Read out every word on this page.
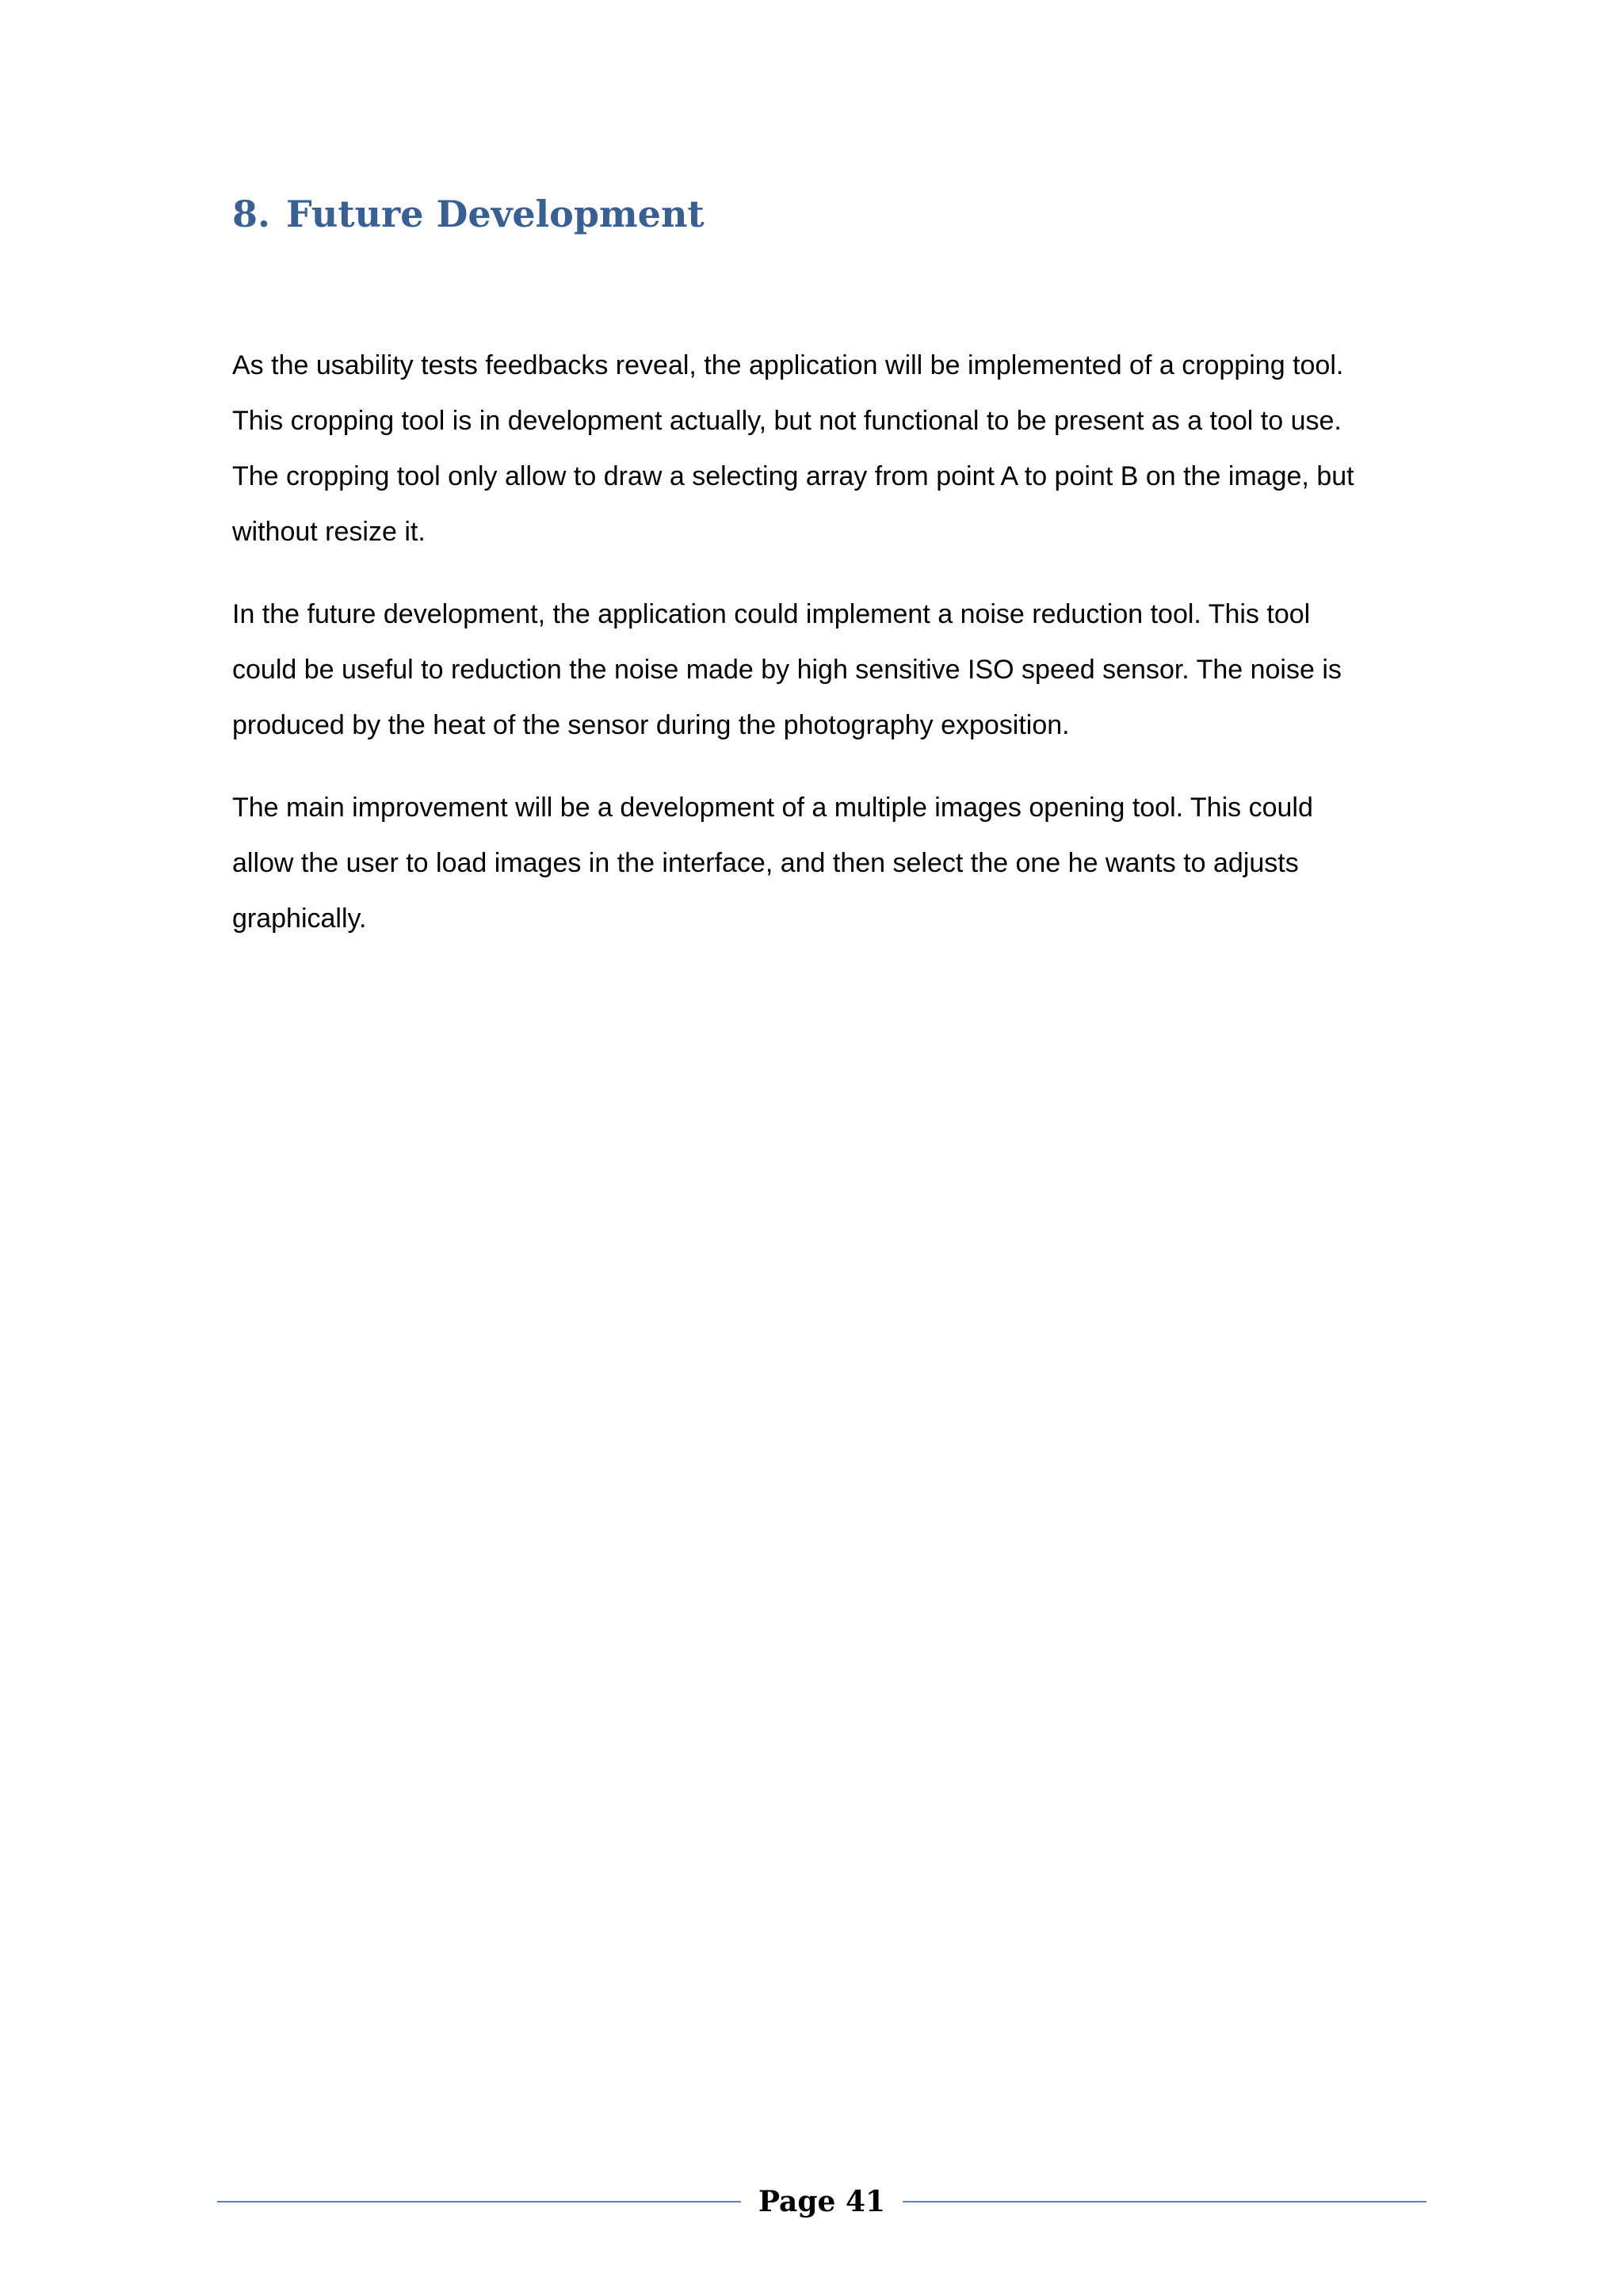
8. Future Development

As the usability tests feedbacks reveal, the application will be implemented of a cropping tool.
This cropping tool is in development actually, but not functional to be present as a tool to use.
The cropping tool only allow to draw a selecting array from point A to point B on the image, but
without resize it.

In the future development, the application could implement a noise reduction tool. This tool
could be useful to reduction the noise made by high sensitive ISO speed sensor. The noise is
produced by the heat of the sensor during the photography exposition.

The main improvement will be a development of a multiple images opening tool. This could
allow the user to load images in the interface, and then select the one he wants to adjusts
graphically.

Page 41
